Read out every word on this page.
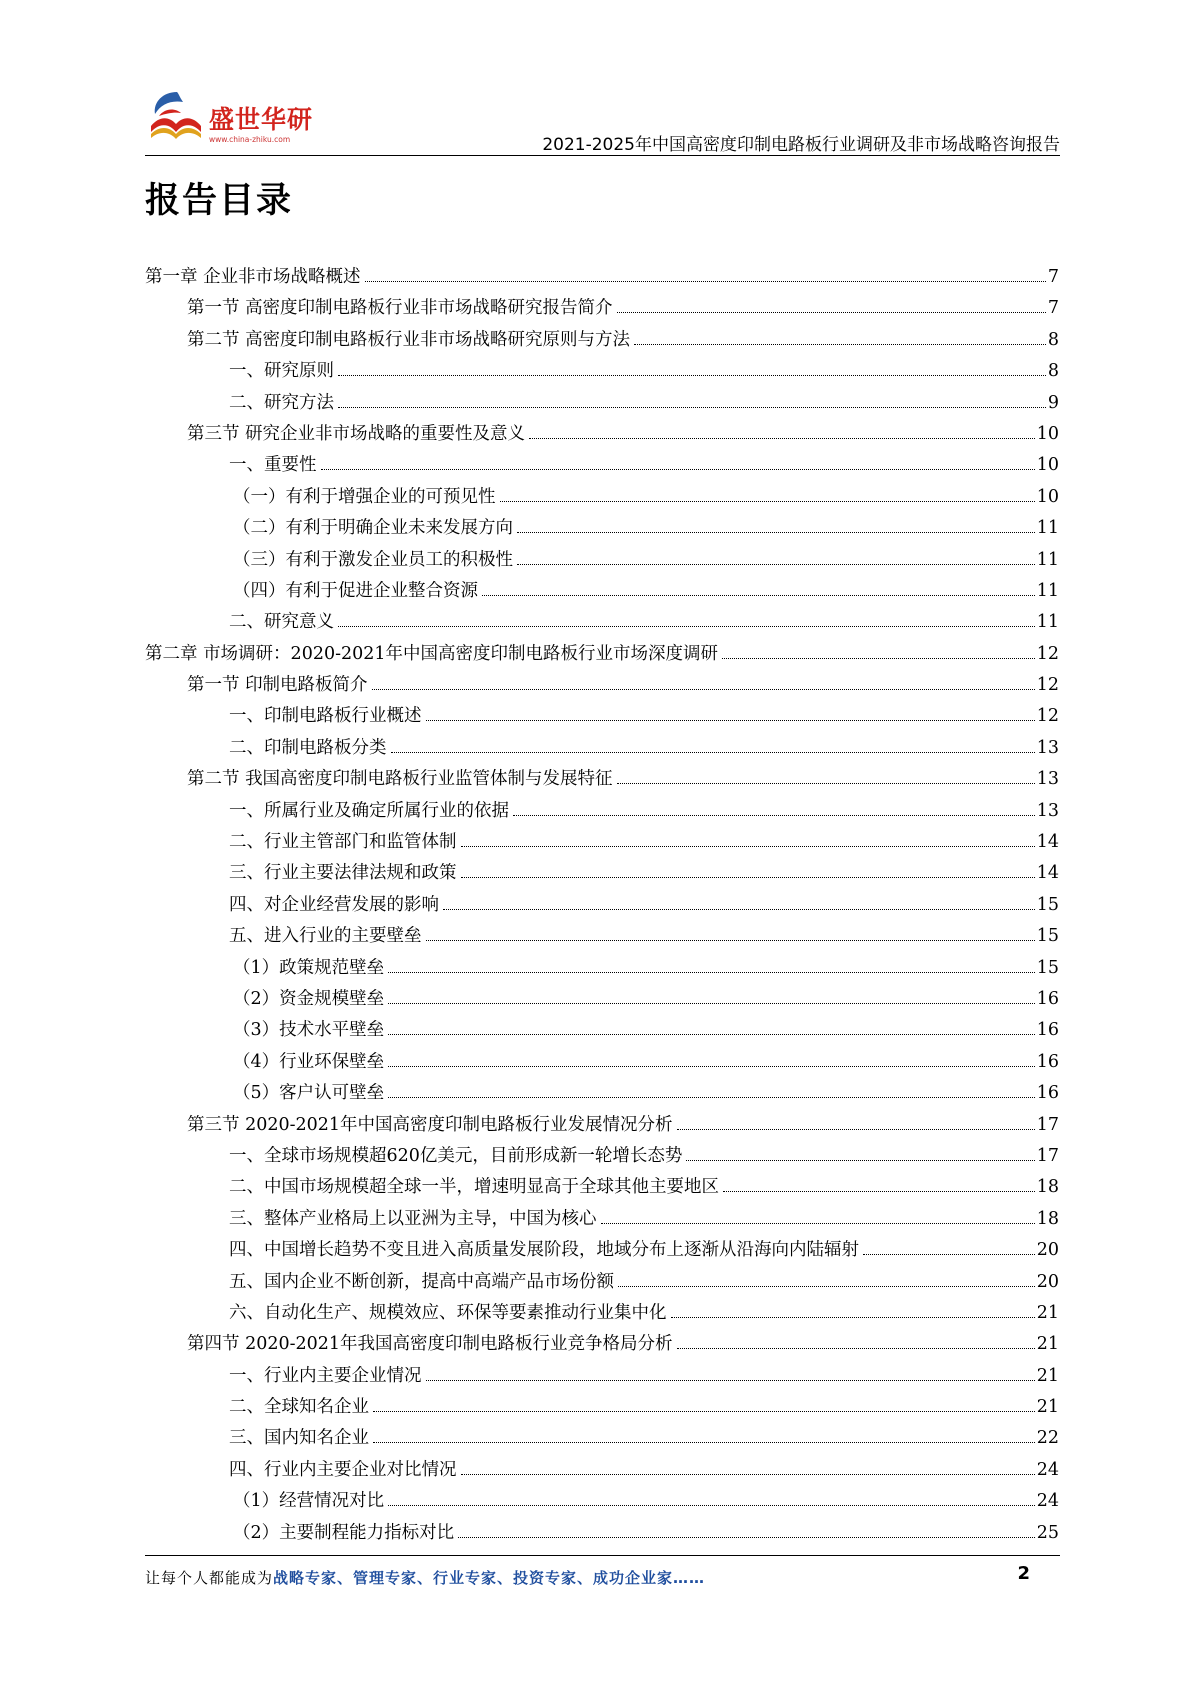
盛世华研
www.china-zhiku.com	2021-2025年中国高密度印制电路板行业调研及非市场战略咨询报告
报告目录
第一章 企业非市场战略概述	7
第一节 高密度印制电路板行业非市场战略研究报告简介	7
第二节 高密度印制电路板行业非市场战略研究原则与方法	8
一、研究原则	8
二、研究方法	9
第三节 研究企业非市场战略的重要性及意义	10
一、重要性	10
（一）有利于增强企业的可预见性	10
（二）有利于明确企业未来发展方向	11
（三）有利于激发企业员工的积极性	11
（四）有利于促进企业整合资源	11
二、研究意义	11
第二章 市场调研：2020-2021年中国高密度印制电路板行业市场深度调研	12
第一节 印制电路板简介	12
一、印制电路板行业概述	12
二、印制电路板分类	13
第二节 我国高密度印制电路板行业监管体制与发展特征	13
一、所属行业及确定所属行业的依据	13
二、行业主管部门和监管体制	14
三、行业主要法律法规和政策	14
四、对企业经营发展的影响	15
五、进入行业的主要壁垒	15
（1）政策规范壁垒	15
（2）资金规模壁垒	16
（3）技术水平壁垒	16
（4）行业环保壁垒	16
（5）客户认可壁垒	16
第三节 2020-2021年中国高密度印制电路板行业发展情况分析	17
一、全球市场规模超620亿美元，目前形成新一轮增长态势	17
二、中国市场规模超全球一半，增速明显高于全球其他主要地区	18
三、整体产业格局上以亚洲为主导，中国为核心	18
四、中国增长趋势不变且进入高质量发展阶段，地域分布上逐渐从沿海向内陆辐射	20
五、国内企业不断创新，提高中高端产品市场份额	20
六、自动化生产、规模效应、环保等要素推动行业集中化	21
第四节 2020-2021年我国高密度印制电路板行业竞争格局分析	21
一、行业内主要企业情况	21
二、全球知名企业	21
三、国内知名企业	22
四、行业内主要企业对比情况	24
（1）经营情况对比	24
（2）主要制程能力指标对比	25
让每个人都能成为战略专家、管理专家、行业专家、投资专家、成功企业家……	2
